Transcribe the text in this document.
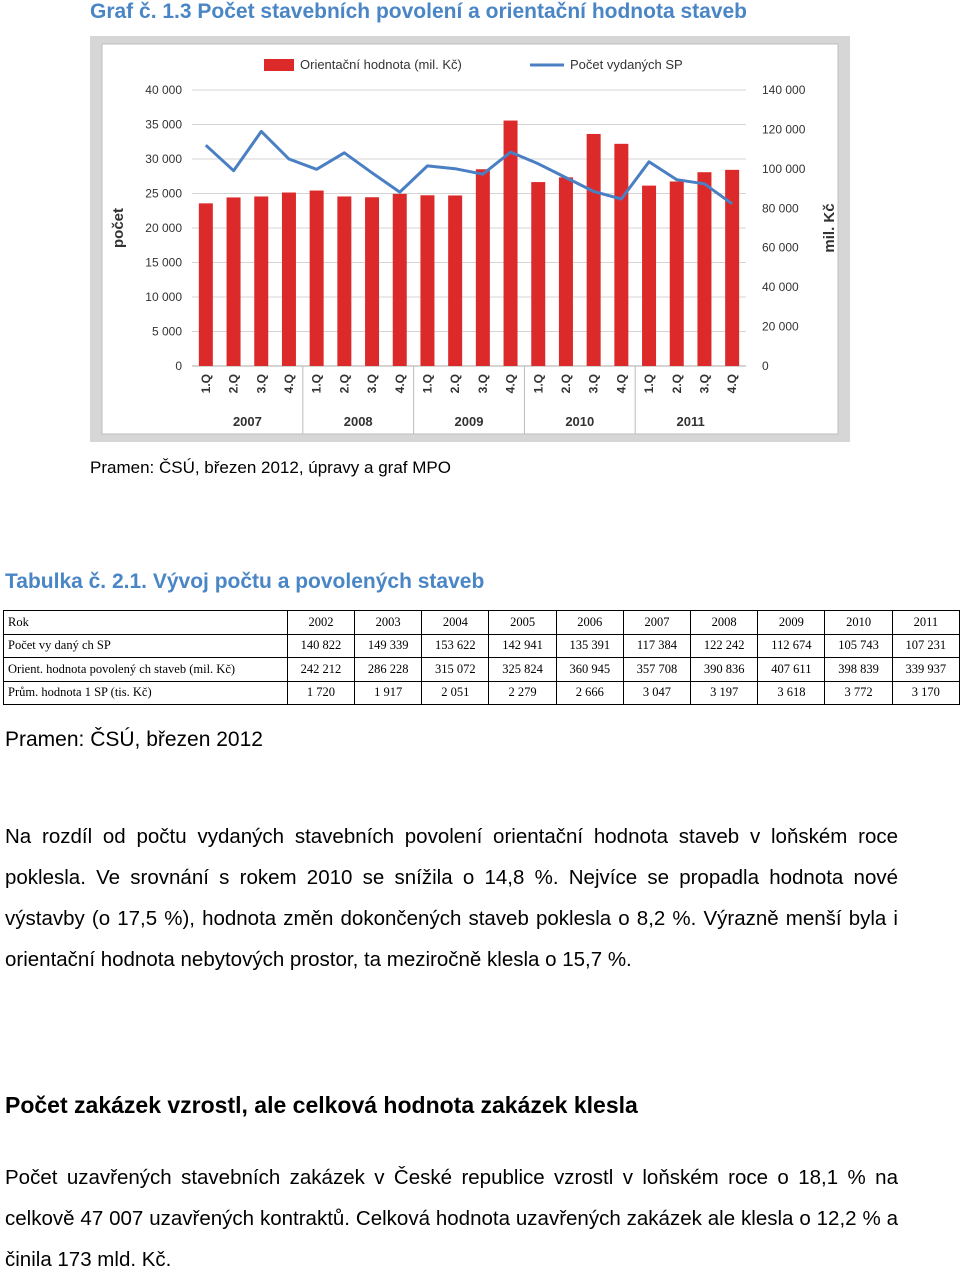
Graf č. 1.3 Počet stavebních povolení a orientační hodnota staveb
0
5 000
10 000
15 000
20 000
25 000
30 000
35 000
40 000
0
20 000
40 000
60 000
80 000
100 000
120 000
140 000
1.Q 2.Q 3.Q 4.Q 1.Q 2.Q 3.Q 4.Q 1.Q 2.Q 3.Q 4.Q 1.Q 2.Q 3.Q 4.Q 1.Q 2.Q 3.Q 4.Q
2007	2008	2009	2010	2011
počet	mil. Kč
Orientační hodnota (mil. Kč)	Počet vydaných SP
Pramen: ČSÚ, březen 2012, úpravy a graf MPO
Tabulka č. 2.1. Vývoj počtu a povolených staveb
Rok	2002	2003	2004	2005	2006	2007	2008	2009	2010	2011
Počet vy daný ch SP	140 822	149 339	153 622	142 941	135 391	117 384	122 242	112 674	105 743	107 231
Orient. hodnota povolený ch staveb (mil. Kč)	242 212	286 228	315 072	325 824	360 945	357 708	390 836	407 611	398 839	339 937
Prům. hodnota 1 SP (tis. Kč)	1 720	1 917	2 051	2 279	2 666	3 047	3 197	3 618	3 772	3 170
Pramen: ČSÚ, březen 2012
Na rozdíl od počtu vydaných stavebních povolení orientační hodnota staveb v loňském roce poklesla. Ve srovnání s rokem 2010 se snížila o 14,8 %. Nejvíce se propadla hodnota nové výstavby (o 17,5 %), hodnota změn dokončených staveb poklesla o 8,2 %. Výrazně menší byla i orientační hodnota nebytových prostor, ta meziročně klesla o 15,7 %.
Počet zakázek vzrostl, ale celková hodnota zakázek klesla
Počet uzavřených stavebních zakázek v České republice vzrostl v loňském roce o 18,1 % na celkově 47 007 uzavřených kontraktů. Celková hodnota uzavřených zakázek ale klesla o 12,2 % a činila 173 mld. Kč.
